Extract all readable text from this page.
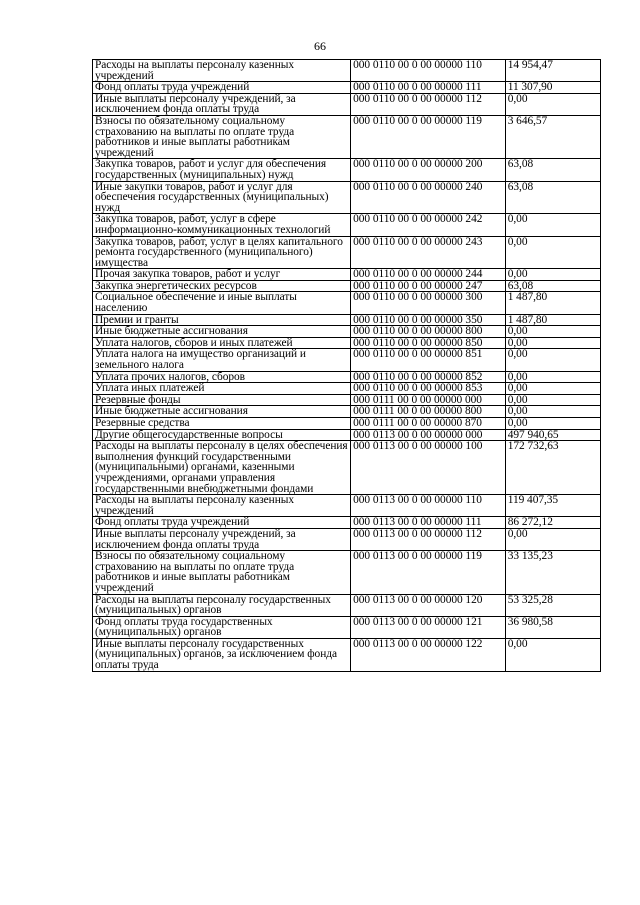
66
Расходы на выплаты персоналу казенных учреждений	000 0110 00 0 00 00000 110	14 954,47
Фонд оплаты труда учреждений	000 0110 00 0 00 00000 111	11 307,90
Иные выплаты персоналу учреждений, за исключением фонда оплаты труда	000 0110 00 0 00 00000 112	0,00
Взносы по обязательному социальному страхованию на выплаты по оплате труда работников и иные выплаты работникам учреждений	000 0110 00 0 00 00000 119	3 646,57
Закупка товаров, работ и услуг для обеспечения государственных (муниципальных) нужд	000 0110 00 0 00 00000 200	63,08
Иные закупки товаров, работ и услуг для обеспечения государственных (муниципальных) нужд	000 0110 00 0 00 00000 240	63,08
Закупка товаров, работ, услуг в сфере информационно-коммуникационных технологий	000 0110 00 0 00 00000 242	0,00
Закупка товаров, работ, услуг в целях капитального ремонта государственного (муниципального) имущества	000 0110 00 0 00 00000 243	0,00
Прочая закупка товаров, работ и услуг	000 0110 00 0 00 00000 244	0,00
Закупка энергетических ресурсов	000 0110 00 0 00 00000 247	63,08
Социальное обеспечение и иные выплаты населению	000 0110 00 0 00 00000 300	1 487,80
Премии и гранты	000 0110 00 0 00 00000 350	1 487,80
Иные бюджетные ассигнования	000 0110 00 0 00 00000 800	0,00
Уплата налогов, сборов и иных платежей	000 0110 00 0 00 00000 850	0,00
Уплата налога на имущество организаций и земельного налога	000 0110 00 0 00 00000 851	0,00
Уплата прочих налогов, сборов	000 0110 00 0 00 00000 852	0,00
Уплата иных платежей	000 0110 00 0 00 00000 853	0,00
Резервные фонды	000 0111 00 0 00 00000 000	0,00
Иные бюджетные ассигнования	000 0111 00 0 00 00000 800	0,00
Резервные средства	000 0111 00 0 00 00000 870	0,00
Другие общегосударственные вопросы	000 0113 00 0 00 00000 000	497 940,65
Расходы на выплаты персоналу в целях обеспечения выполнения функций государственными (муниципальными) органами, казенными учреждениями, органами управления государственными внебюджетными фондами	000 0113 00 0 00 00000 100	172 732,63
Расходы на выплаты персоналу казенных учреждений	000 0113 00 0 00 00000 110	119 407,35
Фонд оплаты труда учреждений	000 0113 00 0 00 00000 111	86 272,12
Иные выплаты персоналу учреждений, за исключением фонда оплаты труда	000 0113 00 0 00 00000 112	0,00
Взносы по обязательному социальному страхованию на выплаты по оплате труда работников и иные выплаты работникам учреждений	000 0113 00 0 00 00000 119	33 135,23
Расходы на выплаты персоналу государственных (муниципальных) органов	000 0113 00 0 00 00000 120	53 325,28
Фонд оплаты труда государственных (муниципальных) органов	000 0113 00 0 00 00000 121	36 980,58
Иные выплаты персоналу государственных (муниципальных) органов, за исключением фонда оплаты труда	000 0113 00 0 00 00000 122	0,00
